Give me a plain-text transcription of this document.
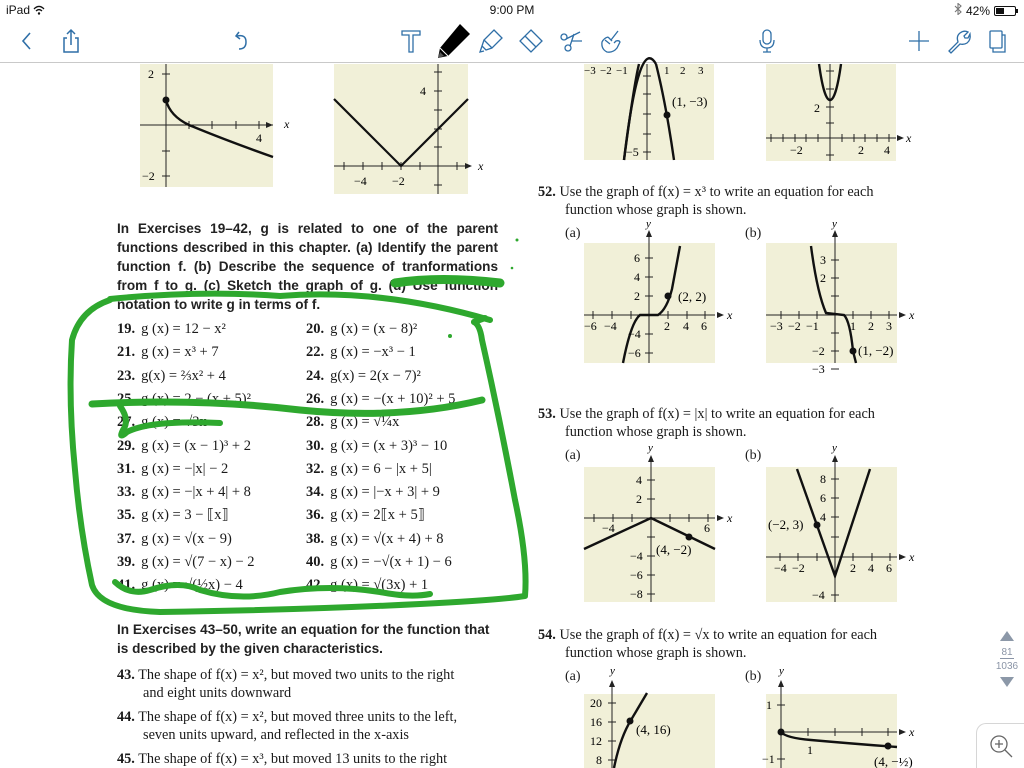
iPad	9:00 PM	42%
2
−2
4
x
4
−4 −2
x
−3 −2 −1	1 2 3
(1, −3)
−5
2
−2	2 4
x
In Exercises 19–42, g is related to one of the parent functions described in this chapter. (a) Identify the parent function f. (b) Describe the sequence of tranformations from f to g. (c) Sketch the graph of g. (d) Use function notation to write g in terms of f.
19. g (x) = 12 − x²	20. g (x) = (x − 8)²
21. g (x) = x³ + 7	22. g (x) = −x³ − 1
23. g(x) = ⅔x² + 4	24. g(x) = 2(x − 7)²
25. g (x) = 2 − (x + 5)²	26. g (x) = −(x + 10)² + 5
27. g (x) = √3x	28. g (x) = √¼x
29. g (x) = (x − 1)³ + 2	30. g (x) = (x + 3)³ − 10
31. g (x) = −|x| − 2	32. g (x) = 6 − |x + 5|
33. g (x) = −|x + 4| + 8	34. g (x) = |−x + 3| + 9
35. g (x) = 3 − ⟦x⟧	36. g (x) = 2⟦x + 5⟧
37. g (x) = √(x − 9)	38. g (x) = √(x + 4) + 8
39. g (x) = √(7 − x) − 2	40. g (x) = −√(x + 1) − 6
41. g (x) = √(½x) − 4	42. g (x) = √(3x) + 1
In Exercises 43–50, write an equation for the function that is described by the given characteristics.
43. The shape of f(x) = x², but moved two units to the right
and eight units downward
44. The shape of f(x) = x², but moved three units to the left,
seven units upward, and reflected in the x-axis
45. The shape of f(x) = x³, but moved 13 units to the right
52. Use the graph of f(x) = x³ to write an equation for each
function whose graph is shown.
(a)	(b)
(2, 2)
6
4
2
−4
−6
−6 −4	2 4 6
x
y
(1, −2)
3
2
−2
−3
−3 −2 −1	1 2 3
x
y
53. Use the graph of f(x) = |x| to write an equation for each
function whose graph is shown.
(a)	(b)
(4, −2)
4
2
−4
−6
−8
−4	6
x
y
(−2, 3)
8
6
4
−4
−4 −2	2 4 6
x
y
54. Use the graph of f(x) = √x to write an equation for each
function whose graph is shown.
(a)	(b)
(4, 16)
20
16
12
8
y
(4, −½)
1
−1
1
x
y
81
1036
